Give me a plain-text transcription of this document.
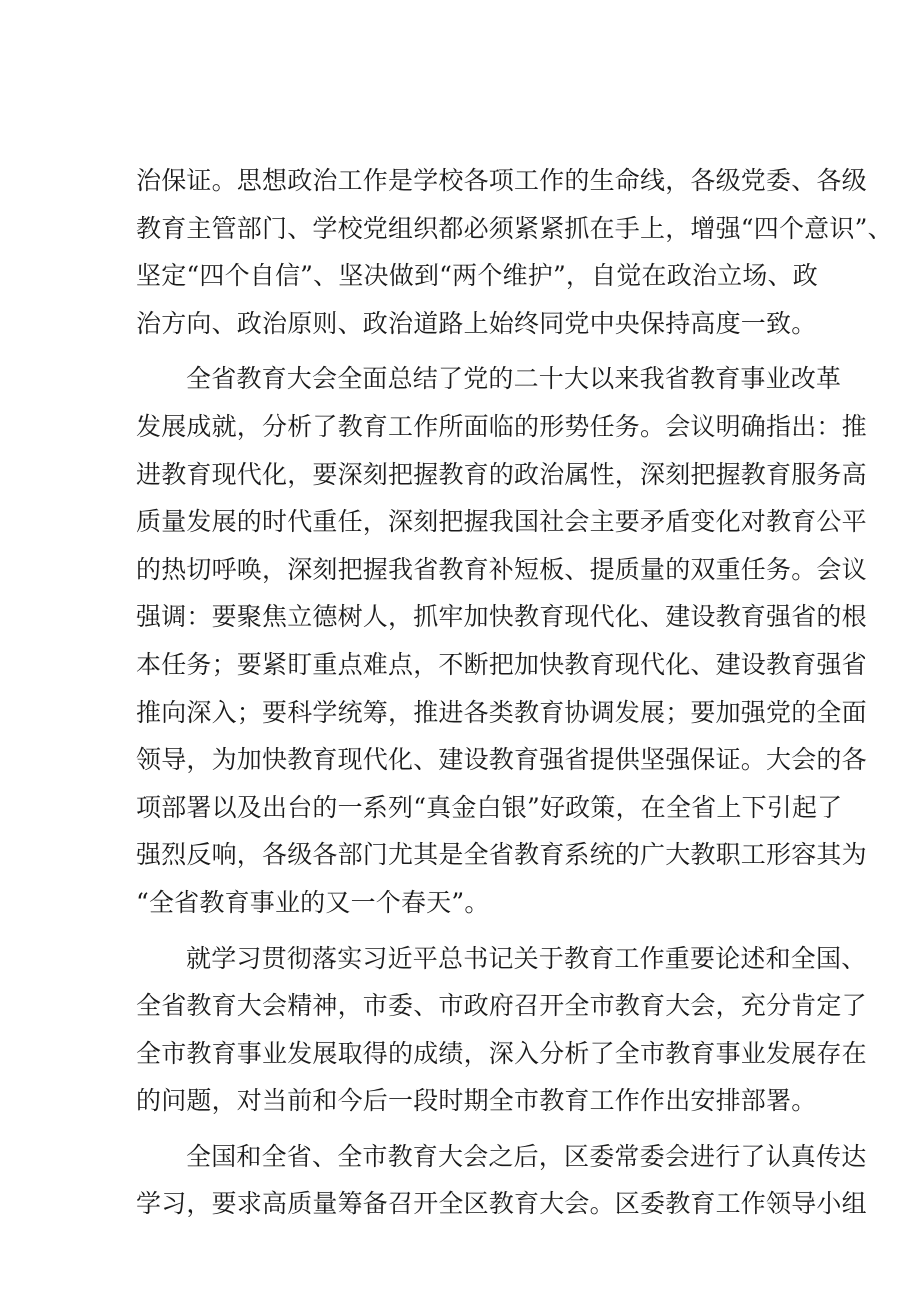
治保证。思想政治工作是学校各项工作的生命线，各级党委、各级
教育主管部门、学校党组织都必须紧紧抓在手上，增强“四个意识”、
坚定“四个自信”、坚决做到“两个维护”，自觉在政治立场、政
治方向、政治原则、政治道路上始终同党中央保持高度一致。
全省教育大会全面总结了党的二十大以来我省教育事业改革
发展成就，分析了教育工作所面临的形势任务。会议明确指出：推
进教育现代化，要深刻把握教育的政治属性，深刻把握教育服务高
质量发展的时代重任，深刻把握我国社会主要矛盾变化对教育公平
的热切呼唤，深刻把握我省教育补短板、提质量的双重任务。会议
强调：要聚焦立德树人，抓牢加快教育现代化、建设教育强省的根
本任务；要紧盯重点难点，不断把加快教育现代化、建设教育强省
推向深入；要科学统筹，推进各类教育协调发展；要加强党的全面
领导，为加快教育现代化、建设教育强省提供坚强保证。大会的各
项部署以及出台的一系列“真金白银”好政策，在全省上下引起了
强烈反响，各级各部门尤其是全省教育系统的广大教职工形容其为
“全省教育事业的又一个春天”。
就学习贯彻落实习近平总书记关于教育工作重要论述和全国、
全省教育大会精神，市委、市政府召开全市教育大会，充分肯定了
全市教育事业发展取得的成绩，深入分析了全市教育事业发展存在
的问题，对当前和今后一段时期全市教育工作作出安排部署。
全国和全省、全市教育大会之后，区委常委会进行了认真传达
学习，要求高质量筹备召开全区教育大会。区委教育工作领导小组
